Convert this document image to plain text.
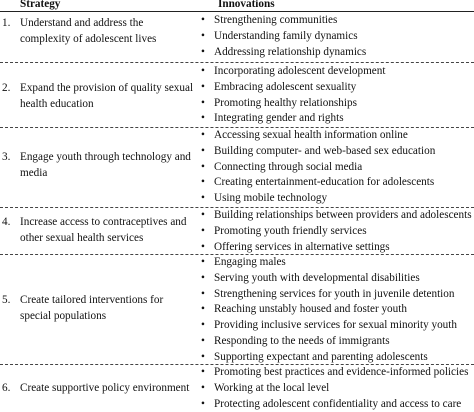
Strategy	Innovations
1. Understand and address the complexity of adolescent lives
• Strengthening communities
• Understanding family dynamics
• Addressing relationship dynamics
2. Expand the provision of quality sexual health education
• Incorporating adolescent development
• Embracing adolescent sexuality
• Promoting healthy relationships
• Integrating gender and rights
3. Engage youth through technology and media
• Accessing sexual health information online
• Building computer- and web-based sex education
• Connecting through social media
• Creating entertainment-education for adolescents
• Using mobile technology
4. Increase access to contraceptives and other sexual health services
• Building relationships between providers and adolescents
• Promoting youth friendly services
• Offering services in alternative settings
5. Create tailored interventions for special populations
• Engaging males
• Serving youth with developmental disabilities
• Strengthening services for youth in juvenile detention
• Reaching unstably housed and foster youth
• Providing inclusive services for sexual minority youth
• Responding to the needs of immigrants
• Supporting expectant and parenting adolescents
6. Create supportive policy environment
• Promoting best practices and evidence-informed policies
• Working at the local level
• Protecting adolescent confidentiality and access to care
